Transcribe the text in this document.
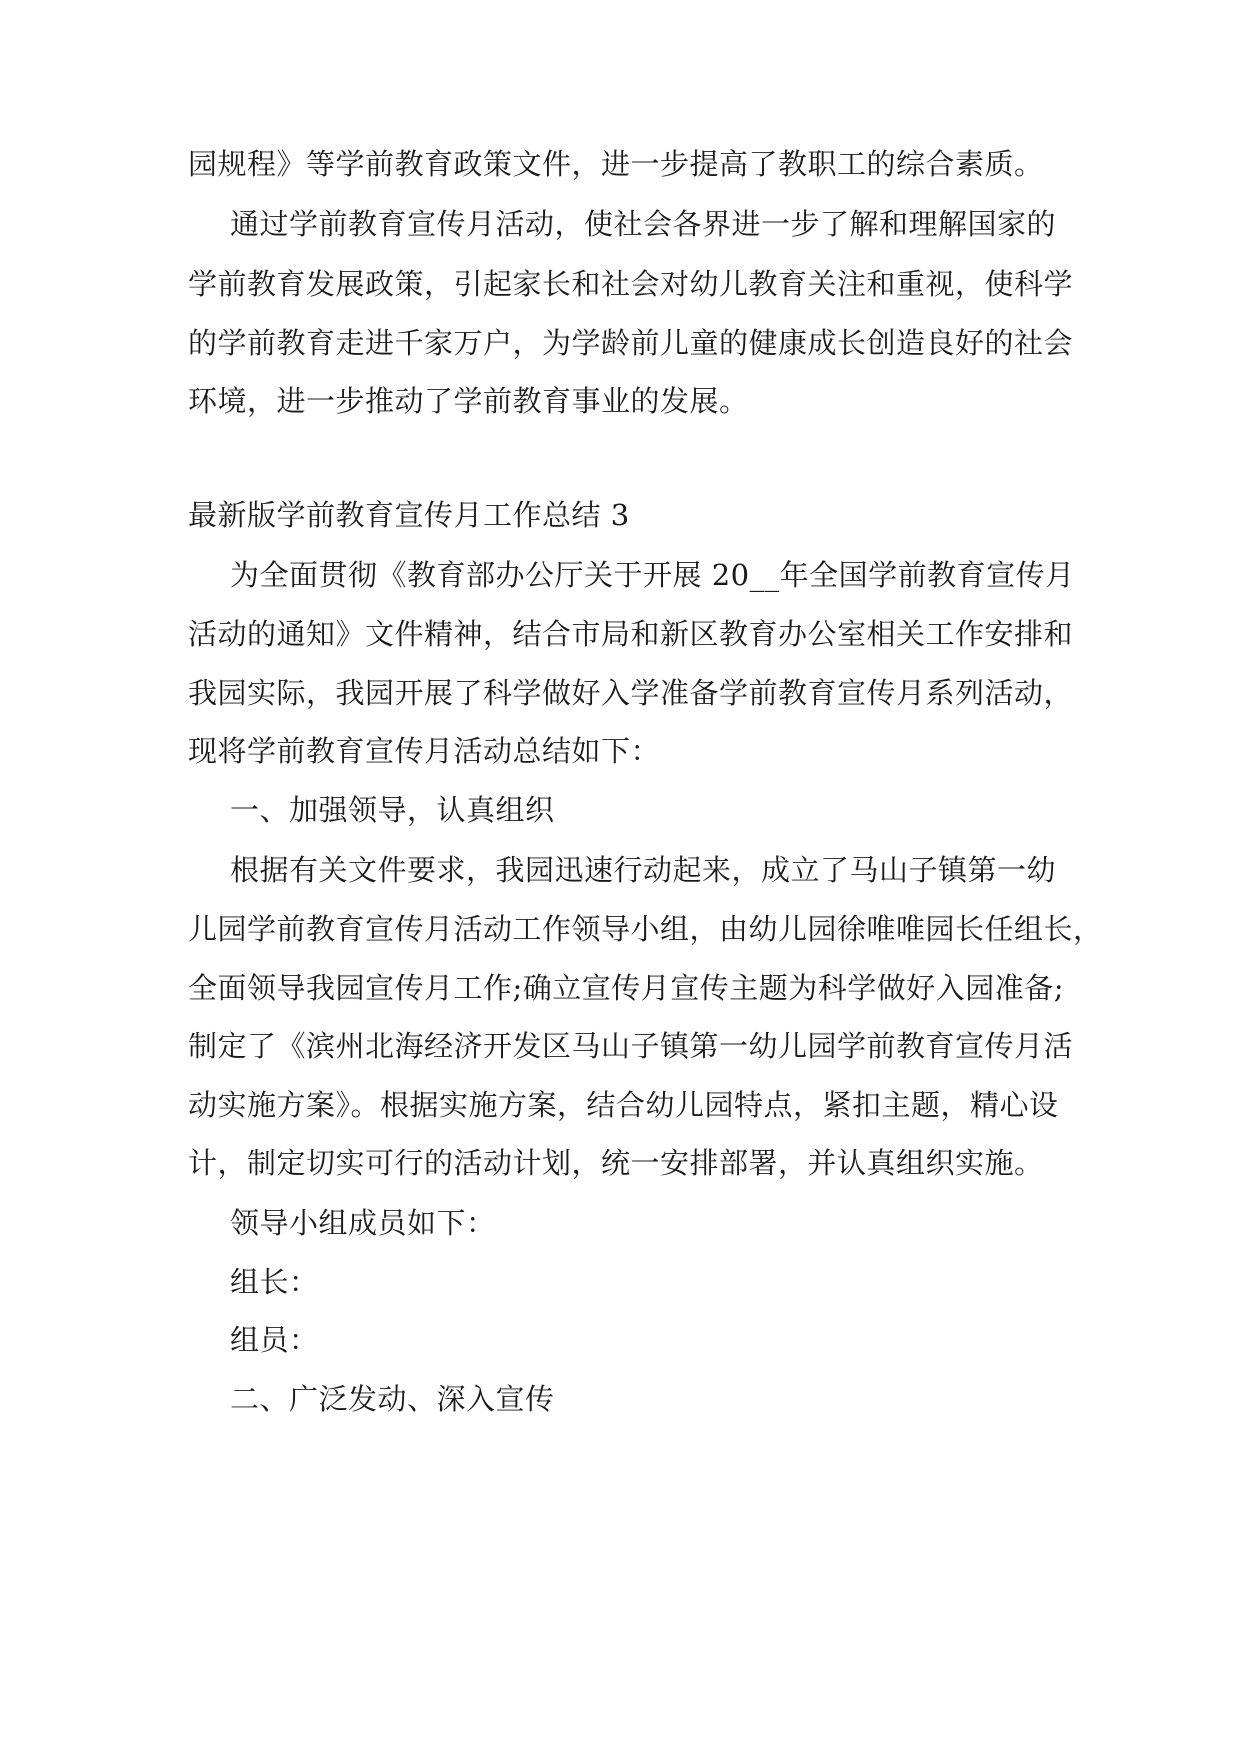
园规程》等学前教育政策文件，进一步提高了教职工的综合素质。
通过学前教育宣传月活动，使社会各界进一步了解和理解国家的
学前教育发展政策，引起家长和社会对幼儿教育关注和重视，使科学
的学前教育走进千家万户，为学龄前儿童的健康成长创造良好的社会
环境，进一步推动了学前教育事业的发展。
最新版学前教育宣传月工作总结 3
为全面贯彻《教育部办公厅关于开展 20__年全国学前教育宣传月
活动的通知》文件精神，结合市局和新区教育办公室相关工作安排和
我园实际，我园开展了科学做好入学准备学前教育宣传月系列活动，
现将学前教育宣传月活动总结如下：
一、加强领导，认真组织
根据有关文件要求，我园迅速行动起来，成立了马山子镇第一幼
儿园学前教育宣传月活动工作领导小组，由幼儿园徐唯唯园长任组长，
全面领导我园宣传月工作;确立宣传月宣传主题为科学做好入园准备;
制定了《滨州北海经济开发区马山子镇第一幼儿园学前教育宣传月活
动实施方案》。根据实施方案，结合幼儿园特点，紧扣主题，精心设
计，制定切实可行的活动计划，统一安排部署，并认真组织实施。
领导小组成员如下：
组长：
组员：
二、广泛发动、深入宣传
